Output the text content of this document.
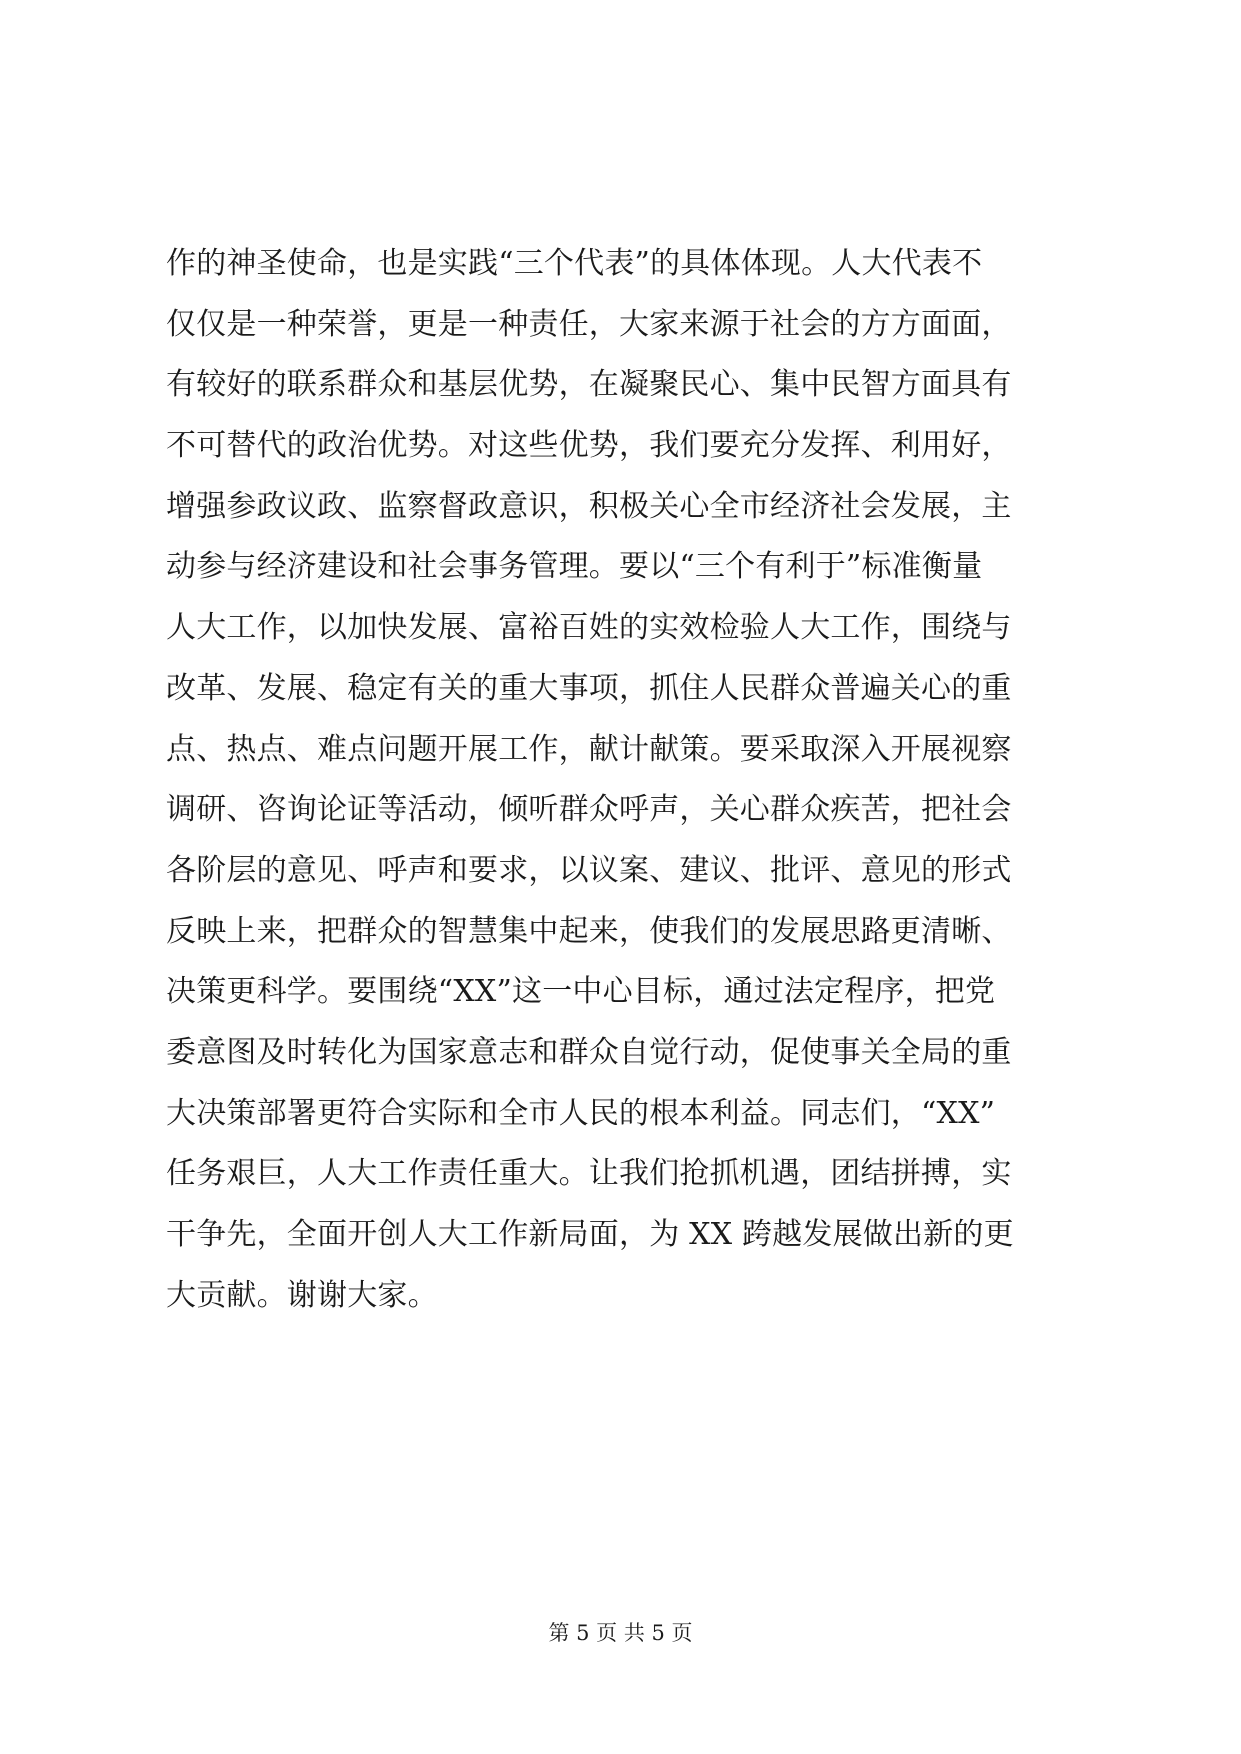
作的神圣使命，也是实践“三个代表”的具体体现。人大代表不
仅仅是一种荣誉，更是一种责任，大家来源于社会的方方面面，
有较好的联系群众和基层优势，在凝聚民心、集中民智方面具有
不可替代的政治优势。对这些优势，我们要充分发挥、利用好，
增强参政议政、监察督政意识，积极关心全市经济社会发展，主
动参与经济建设和社会事务管理。要以“三个有利于”标准衡量
人大工作，以加快发展、富裕百姓的实效检验人大工作，围绕与
改革、发展、稳定有关的重大事项，抓住人民群众普遍关心的重
点、热点、难点问题开展工作，献计献策。要采取深入开展视察
调研、咨询论证等活动，倾听群众呼声，关心群众疾苦，把社会
各阶层的意见、呼声和要求，以议案、建议、批评、意见的形式
反映上来，把群众的智慧集中起来，使我们的发展思路更清晰、
决策更科学。要围绕“XX”这一中心目标，通过法定程序，把党
委意图及时转化为国家意志和群众自觉行动，促使事关全局的重
大决策部署更符合实际和全市人民的根本利益。同志们，“XX”
任务艰巨，人大工作责任重大。让我们抢抓机遇，团结拼搏，实
干争先，全面开创人大工作新局面，为 XX 跨越发展做出新的更
大贡献。谢谢大家。
第 5 页 共 5 页
